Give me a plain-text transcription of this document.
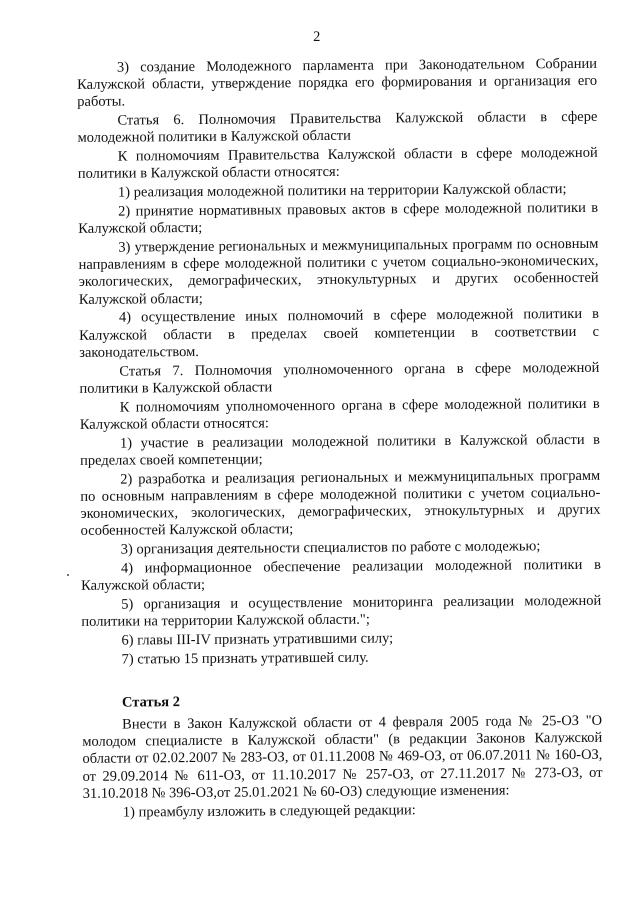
2

3) создание Молодежного парламента при Законодательном Собрании Калужской области, утверждение порядка его формирования и организация его работы.

Статья 6. Полномочия Правительства Калужской области в сфере молодежной политики в Калужской области

К полномочиям Правительства Калужской области в сфере молодежной политики в Калужской области относятся:

1) реализация молодежной политики на территории Калужской области;

2) принятие нормативных правовых актов в сфере молодежной политики в Калужской области;

3) утверждение региональных и межмуниципальных программ по основным направлениям в сфере молодежной политики с учетом социально-экономических, экологических, демографических, этнокультурных и других особенностей Калужской области;

4) осуществление иных полномочий в сфере молодежной политики в Калужской области в пределах своей компетенции в соответствии с законодательством.

Статья 7. Полномочия уполномоченного органа в сфере молодежной политики в Калужской области

К полномочиям уполномоченного органа в сфере молодежной политики в Калужской области относятся:

1) участие в реализации молодежной политики в Калужской области в пределах своей компетенции;

2) разработка и реализация региональных и межмуниципальных программ по основным направлениям в сфере молодежной политики с учетом социально-экономических, экологических, демографических, этнокультурных и других особенностей Калужской области;

3) организация деятельности специалистов по работе с молодежью;

4) информационное обеспечение реализации молодежной политики в Калужской области;

5) организация и осуществление мониторинга реализации молодежной политики на территории Калужской области.";

6) главы III-IV признать утратившими силу;

7) статью 15 признать утратившей силу.

Статья 2

Внести в Закон Калужской области от 4 февраля 2005 года № 25-ОЗ "О молодом специалисте в Калужской области" (в редакции Законов Калужской области от 02.02.2007 № 283-ОЗ, от 01.11.2008 № 469-ОЗ, от 06.07.2011 № 160-ОЗ, от 29.09.2014 № 611-ОЗ, от 11.10.2017 № 257-ОЗ, от 27.11.2017 № 273-ОЗ, от 31.10.2018 № 396-ОЗ,от 25.01.2021 № 60-ОЗ) следующие изменения:

1) преамбулу изложить в следующей редакции:
